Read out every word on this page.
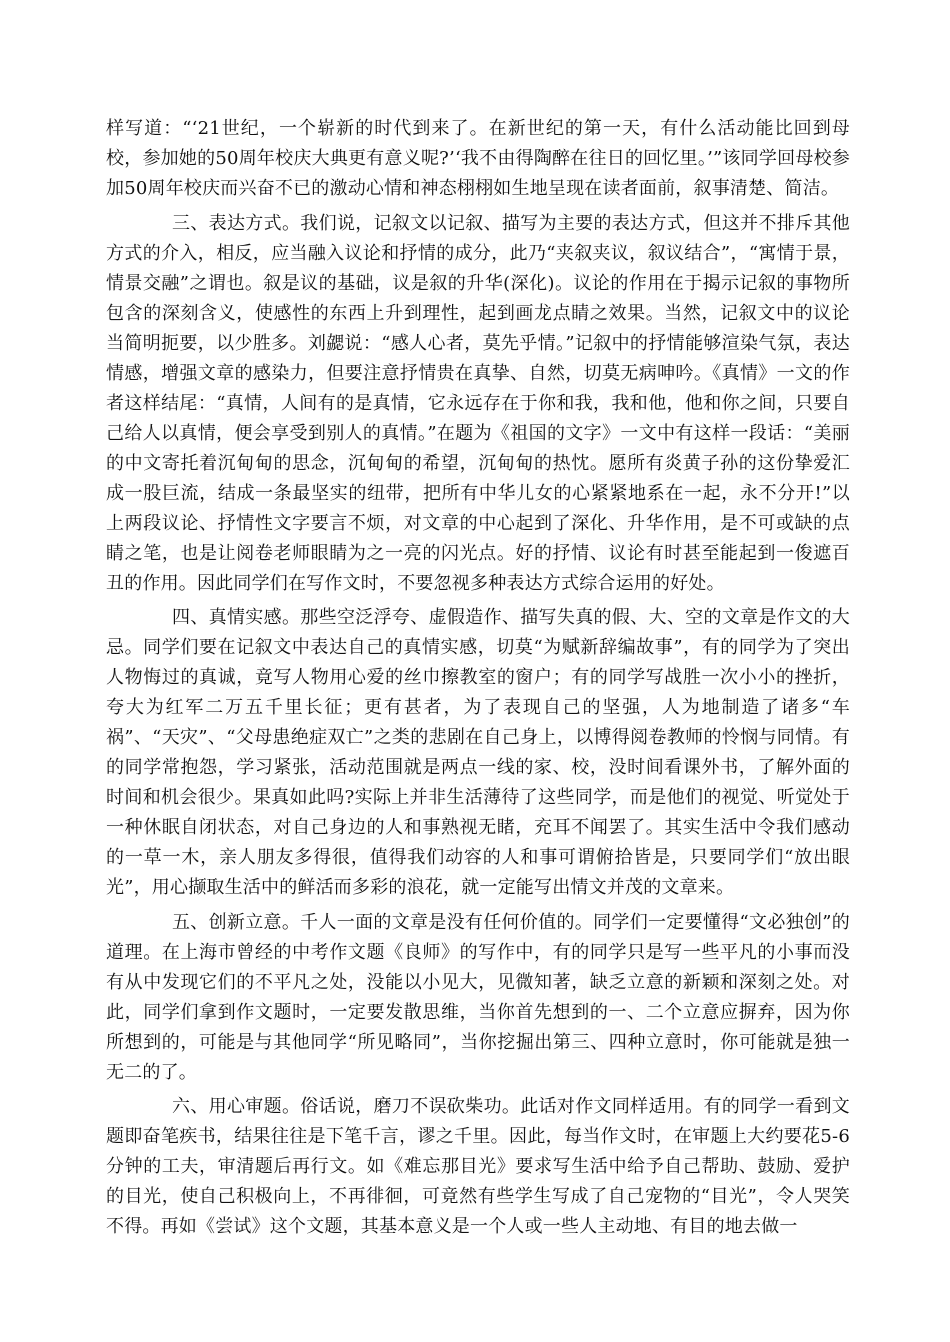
样写道：“‘21世纪，一个崭新的时代到来了。在新世纪的第一天，有什么活动能比回到母校，参加她的50周年校庆大典更有意义呢?’‘我不由得陶醉在往日的回忆里。’”该同学回母校参加50周年校庆而兴奋不已的激动心情和神态栩栩如生地呈现在读者面前，叙事清楚、简洁。

三、表达方式。我们说，记叙文以记叙、描写为主要的表达方式，但这并不排斥其他方式的介入，相反，应当融入议论和抒情的成分，此乃“夹叙夹议，叙议结合”，“寓情于景，情景交融”之谓也。叙是议的基础，议是叙的升华(深化)。议论的作用在于揭示记叙的事物所包含的深刻含义，使感性的东西上升到理性，起到画龙点睛之效果。当然，记叙文中的议论当简明扼要，以少胜多。刘勰说：“感人心者，莫先乎情。”记叙中的抒情能够渲染气氛，表达情感，增强文章的感染力，但要注意抒情贵在真挚、自然，切莫无病呻吟。《真情》一文的作者这样结尾：“真情，人间有的是真情，它永远存在于你和我，我和他，他和你之间，只要自己给人以真情，便会享受到别人的真情。”在题为《祖国的文字》一文中有这样一段话：“美丽的中文寄托着沉甸甸的思念，沉甸甸的希望，沉甸甸的热忱。愿所有炎黄子孙的这份挚爱汇成一股巨流，结成一条最坚实的纽带，把所有中华儿女的心紧紧地系在一起，永不分开!”以上两段议论、抒情性文字要言不烦，对文章的中心起到了深化、升华作用，是不可或缺的点睛之笔，也是让阅卷老师眼睛为之一亮的闪光点。好的抒情、议论有时甚至能起到一俊遮百丑的作用。因此同学们在写作文时，不要忽视多种表达方式综合运用的好处。

四、真情实感。那些空泛浮夸、虚假造作、描写失真的假、大、空的文章是作文的大忌。同学们要在记叙文中表达自己的真情实感，切莫“为赋新辞编故事”，有的同学为了突出人物悔过的真诚，竟写人物用心爱的丝巾擦教室的窗户；有的同学写战胜一次小小的挫折，夸大为红军二万五千里长征；更有甚者，为了表现自己的坚强，人为地制造了诸多“车祸”、“天灾”、“父母患绝症双亡”之类的悲剧在自己身上，以博得阅卷教师的怜悯与同情。有的同学常抱怨，学习紧张，活动范围就是两点一线的家、校，没时间看课外书，了解外面的时间和机会很少。果真如此吗?实际上并非生活薄待了这些同学，而是他们的视觉、听觉处于一种休眠自闭状态，对自己身边的人和事熟视无睹，充耳不闻罢了。其实生活中令我们感动的一草一木，亲人朋友多得很，值得我们动容的人和事可谓俯拾皆是，只要同学们“放出眼光”，用心撷取生活中的鲜活而多彩的浪花，就一定能写出情文并茂的文章来。

五、创新立意。千人一面的文章是没有任何价值的。同学们一定要懂得“文必独创”的道理。在上海市曾经的中考作文题《良师》的写作中，有的同学只是写一些平凡的小事而没有从中发现它们的不平凡之处，没能以小见大，见微知著，缺乏立意的新颖和深刻之处。对此，同学们拿到作文题时，一定要发散思维，当你首先想到的一、二个立意应摒弃，因为你所想到的，可能是与其他同学“所见略同”，当你挖掘出第三、四种立意时，你可能就是独一无二的了。

六、用心审题。俗话说，磨刀不误砍柴功。此话对作文同样适用。有的同学一看到文题即奋笔疾书，结果往往是下笔千言，谬之千里。因此，每当作文时，在审题上大约要花5-6分钟的工夫，审清题后再行文。如《难忘那目光》要求写生活中给予自己帮助、鼓励、爱护的目光，使自己积极向上，不再徘徊，可竟然有些学生写成了自己宠物的“目光”，令人哭笑不得。再如《尝试》这个文题，其基本意义是一个人或一些人主动地、有目的地去做一
